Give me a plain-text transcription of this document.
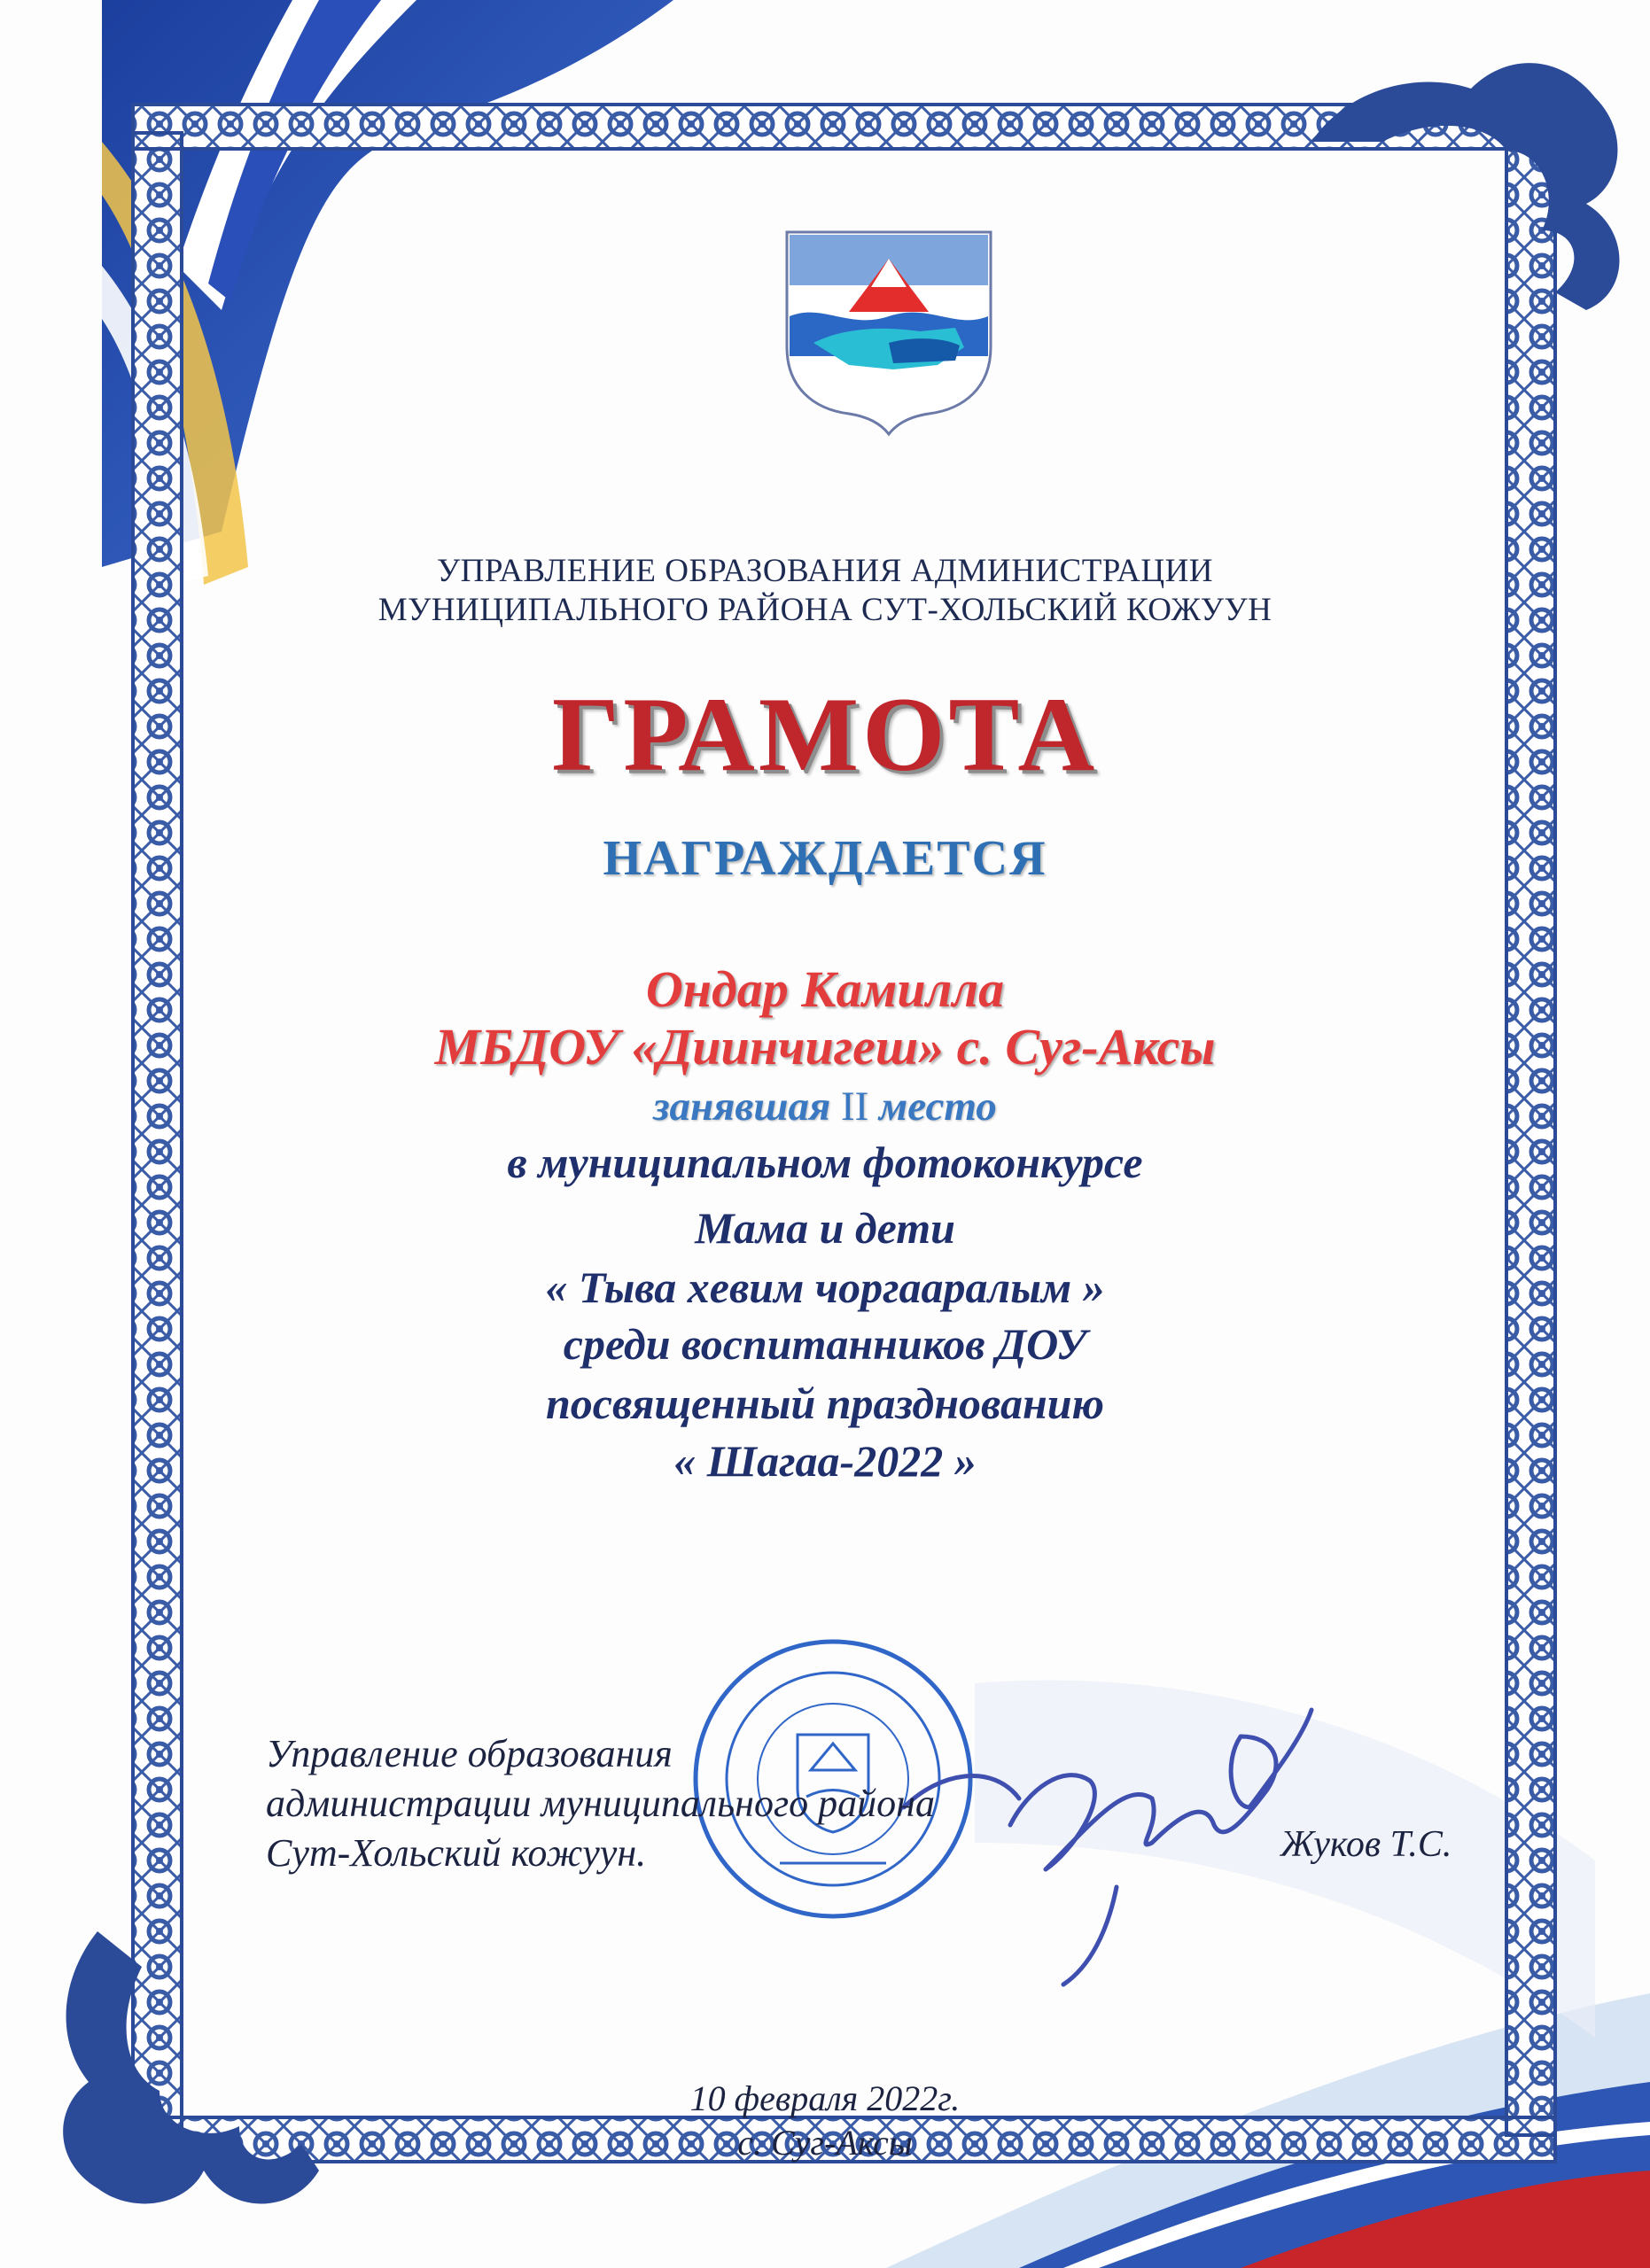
УПРАВЛЕНИЕ ОБРАЗОВАНИЯ АДМИНИСТРАЦИИ
МУНИЦИПАЛЬНОГО РАЙОНА СУТ-ХОЛЬСКИЙ КОЖУУН
ГРАМОТА
НАГРАЖДАЕТСЯ
Ондар Камилла
МБДОУ «Диинчигеш» с. Суг-Аксы
занявшая II место
в муниципальном фотоконкурсе
Мама и дети
« Тыва хевим чоргааралым »
среди воспитанников ДОУ
посвященный празднованию
« Шагаа-2022 »
Управление образования
администрации муниципального района
Сут-Хольский кожуун.	Жуков Т.С.
10 февраля 2022г.
с. Суг-Аксы
